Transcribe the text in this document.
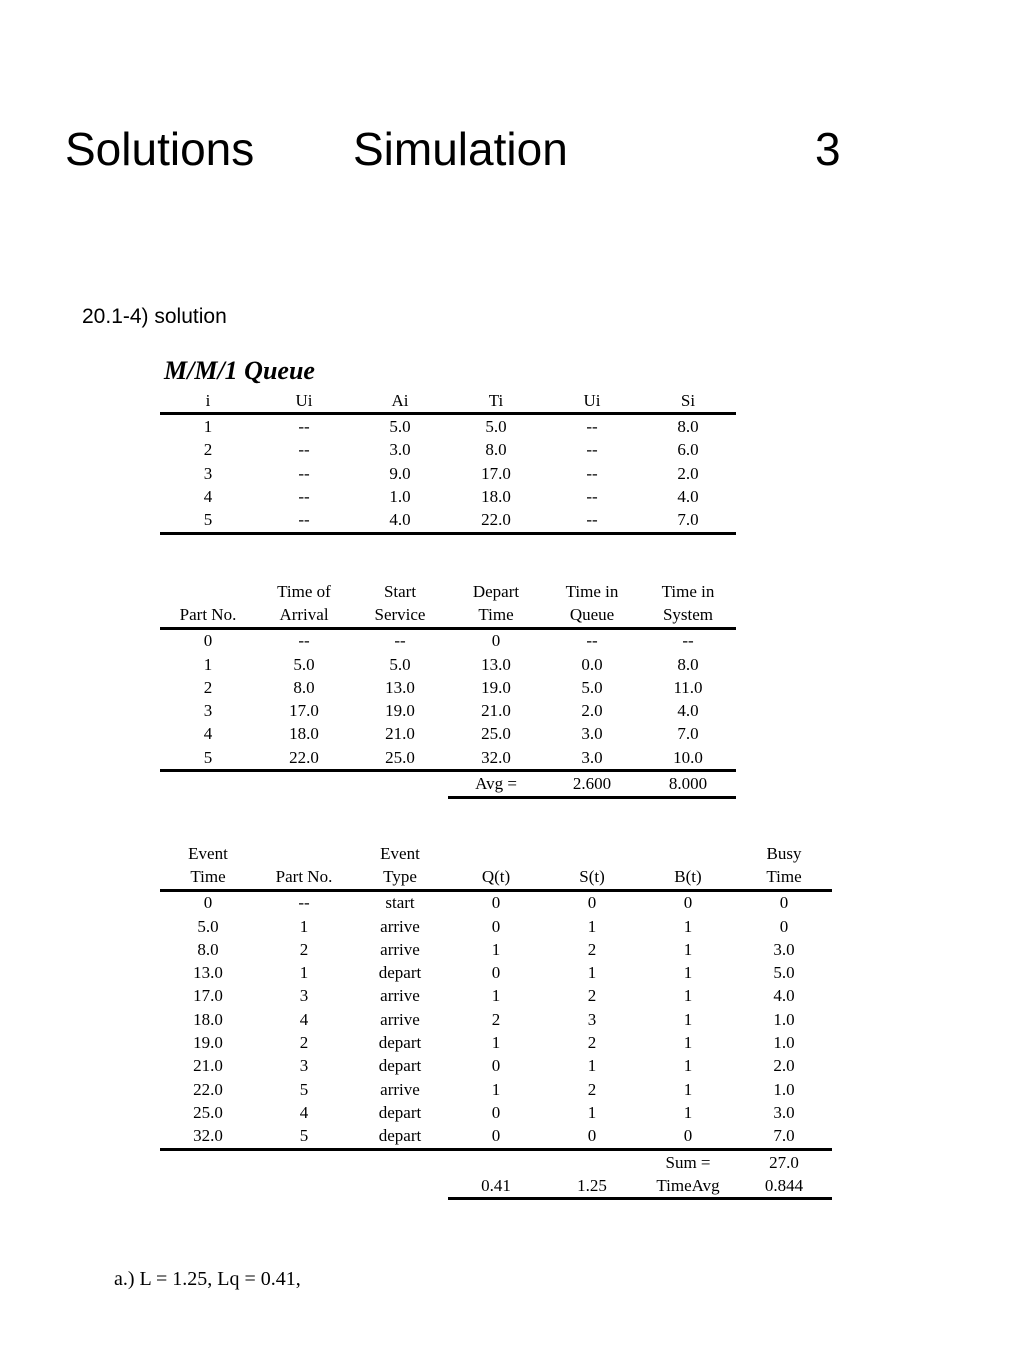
Solutions Simulation	3
20.1-4) solution
M/M/1 Queue
i	Ui	Ai	Ti	Ui	Si
1	--	5.0	5.0	--	8.0
2	--	3.0	8.0	--	6.0
3	--	9.0	17.0	--	2.0
4	--	1.0	18.0	--	4.0
5	--	4.0	22.0	--	7.0
	Time of	Start	Depart	Time in	Time in
Part No.	Arrival	Service	Time	Queue	System
0	--	--	0	--	--
1	5.0	5.0	13.0	0.0	8.0
2	8.0	13.0	19.0	5.0	11.0
3	17.0	19.0	21.0	2.0	4.0
4	18.0	21.0	25.0	3.0	7.0
5	22.0	25.0	32.0	3.0	10.0
			Avg =	2.600	8.000
Event		Event				Busy
Time	Part No.	Type	Q(t)	S(t)	B(t)	Time
0	--	start	0	0	0	0
5.0	1	arrive	0	1	1	0
8.0	2	arrive	1	2	1	3.0
13.0	1	depart	0	1	1	5.0
17.0	3	arrive	1	2	1	4.0
18.0	4	arrive	2	3	1	1.0
19.0	2	depart	1	2	1	1.0
21.0	3	depart	0	1	1	2.0
22.0	5	arrive	1	2	1	1.0
25.0	4	depart	0	1	1	3.0
32.0	5	depart	0	0	0	7.0
					Sum =	27.0
			0.41	1.25	TimeAvg	0.844
a.) L = 1.25, Lq = 0.41,
